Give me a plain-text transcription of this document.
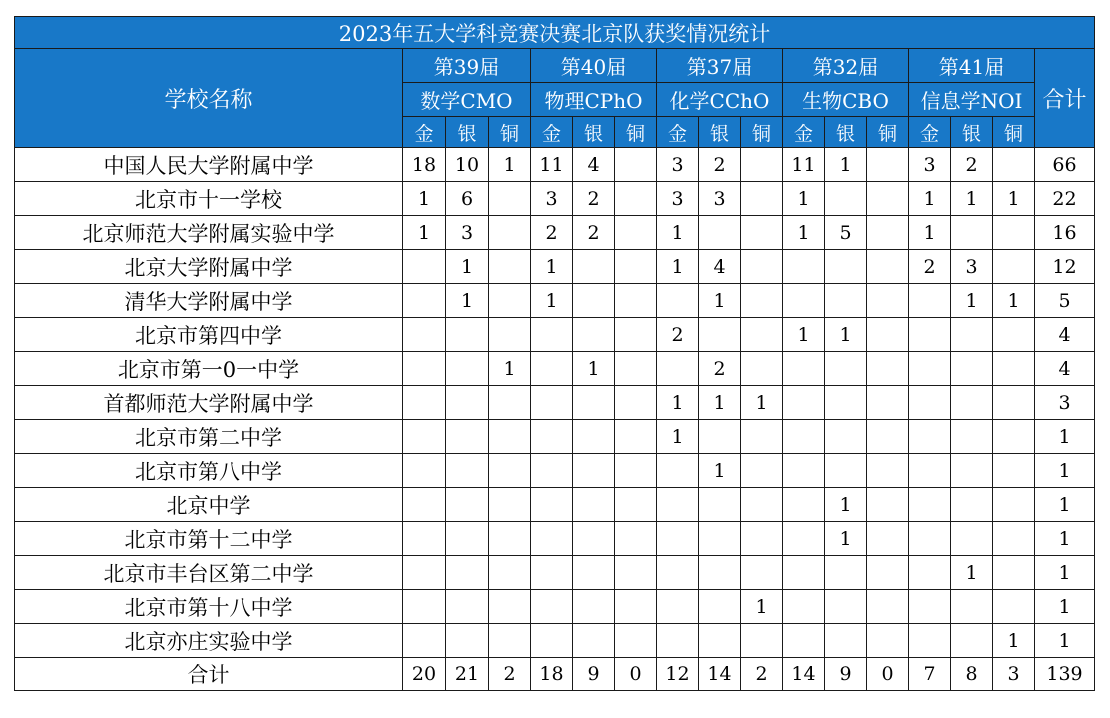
2023年五大学科竞赛决赛北京队获奖情况统计																
学校名称	第39届			第40届			第37届			第32届			第41届			合计
	数学CMO			物理CPhO			化学CChO			生物CBO			信息学NOI			
	金	银	铜	金	银	铜	金	银	铜	金	银	铜	金	银	铜	
中国人民大学附属中学	18	10	1	11	4		3	2		11	1		3	2		66
北京市十一学校	1	6		3	2		3	3		1			1	1	1	22
北京师范大学附属实验中学	1	3		2	2		1			1	5		1			16
北京大学附属中学		1		1			1	4					2	3		12
清华大学附属中学		1		1				1						1	1	5
北京市第四中学							2			1	1					4
北京市第一0一中学			1		1			2								4
首都师范大学附属中学							1	1	1							3
北京市第二中学							1									1
北京市第八中学								1								1
北京中学											1					1
北京市第十二中学											1					1
北京市丰台区第二中学														1		1
北京市第十八中学									1							1
北京亦庄实验中学															1	1
合计	20	21	2	18	9	0	12	14	2	14	9	0	7	8	3	139
